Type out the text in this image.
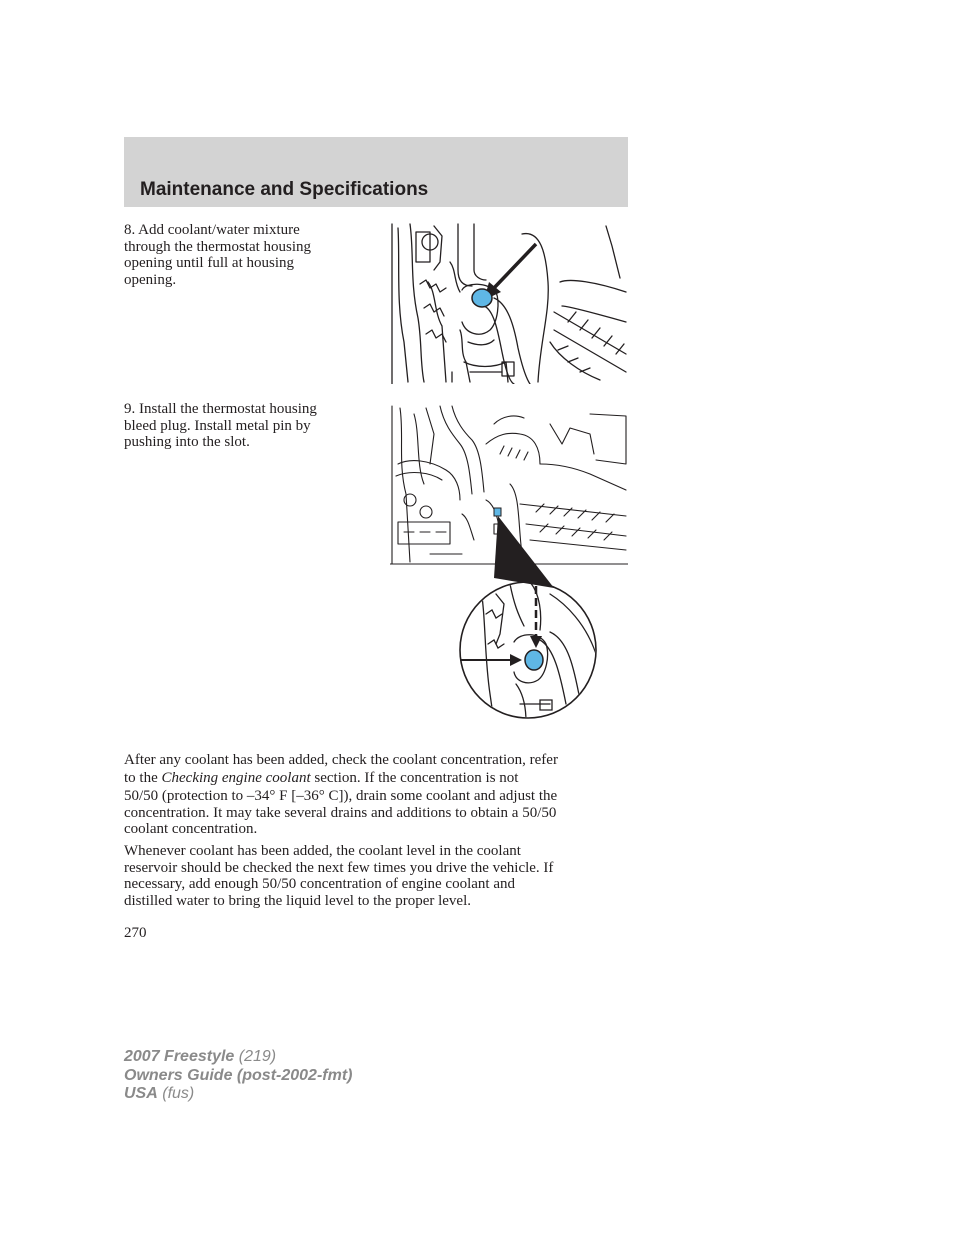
Maintenance and Specifications

8. Add coolant/water mixture
through the thermostat housing
opening until full at housing
opening.

9. Install the thermostat housing
bleed plug. Install metal pin by
pushing into the slot.

After any coolant has been added, check the coolant concentration, refer
to the Checking engine coolant section. If the concentration is not
50/50 (protection to –34° F [–36° C]), drain some coolant and adjust the
concentration. It may take several drains and additions to obtain a 50/50
coolant concentration.

Whenever coolant has been added, the coolant level in the coolant
reservoir should be checked the next few times you drive the vehicle. If
necessary, add enough 50/50 concentration of engine coolant and
distilled water to bring the liquid level to the proper level.

270

2007 Freestyle (219)
Owners Guide (post-2002-fmt)
USA (fus)
